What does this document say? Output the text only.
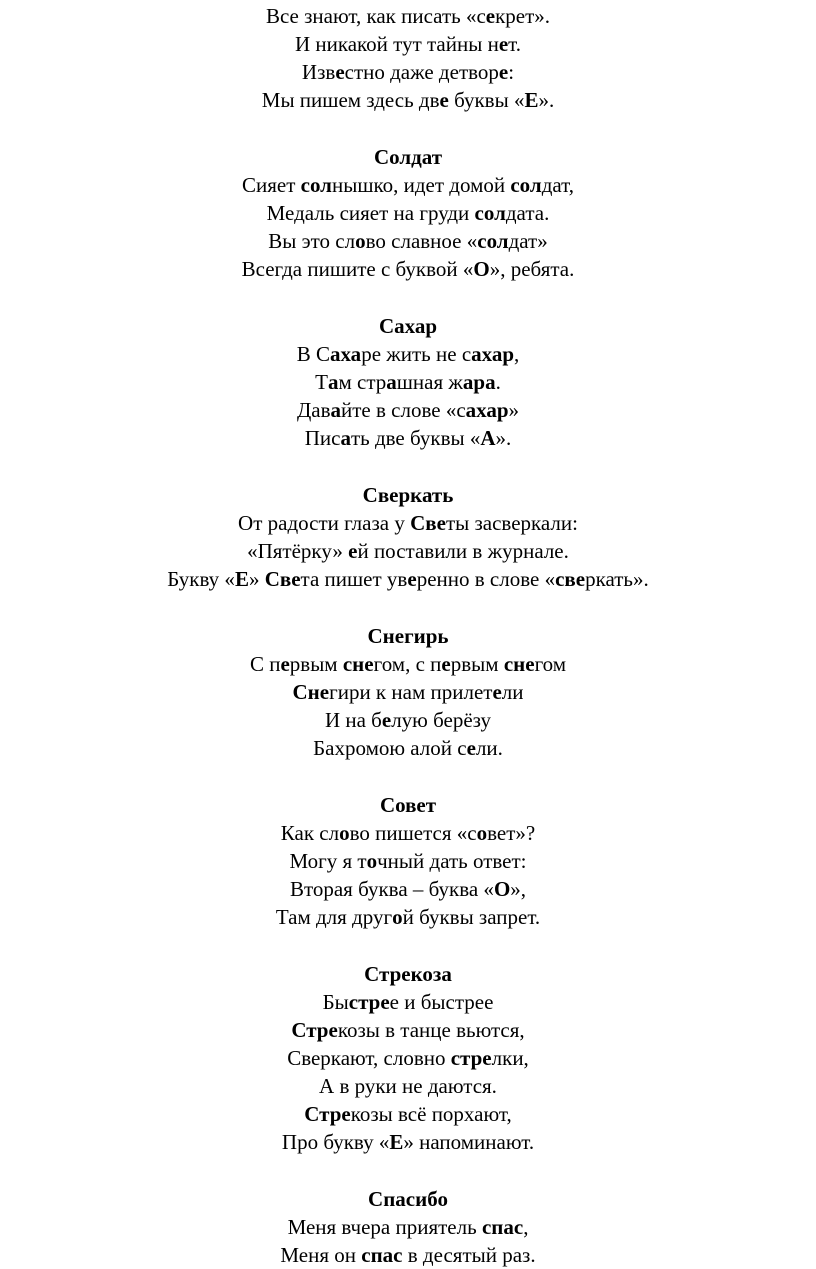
Все знают, как писать «секрет».
И никакой тут тайны нет.
Известно даже детворе:
Мы пишем здесь две буквы «Е».
Солдат
Сияет солнышко, идет домой солдат,
Медаль сияет на груди солдата.
Вы это слово славное «солдат»
Всегда пишите с буквой «О», ребята.
Сахар
В Сахаре жить не сахар,
Там страшная жара.
Давайте в слове «сахар»
Писать две буквы «А».
Сверкать
От радости глаза у Светы засверкали:
«Пятёрку» ей поставили в журнале.
Букву «Е» Света пишет уверенно в слове «сверкать».
Снегирь
С первым снегом, с первым снегом
Снегири к нам прилетели
И на белую берёзу
Бахромою алой сели.
Совет
Как слово пишется «совет»?
Могу я точный дать ответ:
Вторая буква – буква «О»,
Там для другой буквы запрет.
Стрекоза
Быстрее и быстрее
Стрекозы в танце вьются,
Сверкают, словно стрелки,
А в руки не даются.
Стрекозы всё порхают,
Про букву «Е» напоминают.
Спасибо
Меня вчера приятель спас,
Меня он спас в десятый раз.
